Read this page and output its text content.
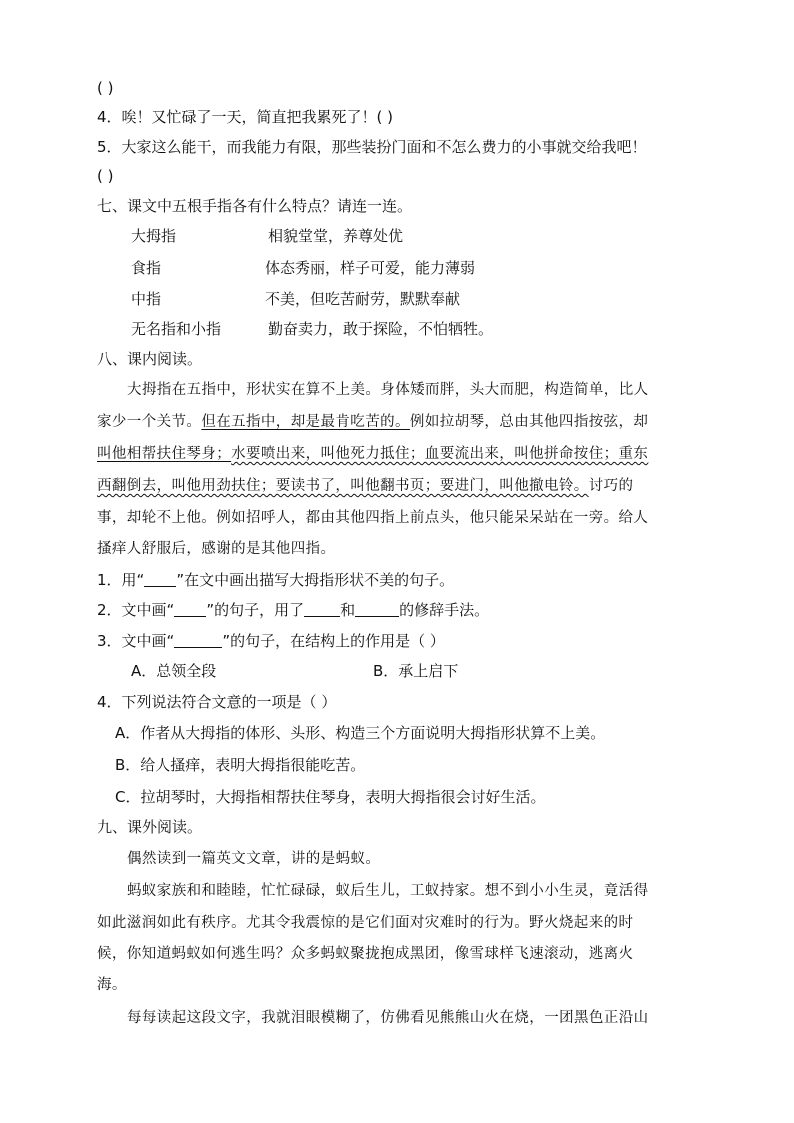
( )
4．唉！又忙碌了一天，简直把我累死了！( )
5．大家这么能干，而我能力有限，那些装扮门面和不怎么费力的小事就交给我吧！
( )
七、课文中五根手指各有什么特点？请连一连。
大拇指	相貌堂堂，养尊处优
食指	体态秀丽，样子可爱，能力薄弱
中指	不美，但吃苦耐劳，默默奉献
无名指和小指	勤奋卖力，敢于探险，不怕牺牲。
八、课内阅读。
大拇指在五指中，形状实在算不上美。身体矮而胖，头大而肥，构造简单，比人
家少一个关节。但在五指中，却是最肯吃苦的。例如拉胡琴，总由其他四指按弦，却
叫他相帮扶住琴身；水要喷出来，叫他死力抵住；血要流出来，叫他拼命按住；重东
西翻倒去，叫他用劲扶住；要读书了，叫他翻书页；要进门，叫他撤电铃。讨巧的
事，却轮不上他。例如招呼人，都由其他四指上前点头，他只能呆呆站在一旁。给人
搔痒人舒服后，感谢的是其他四指。
1．用“ ”在文中画出描写大拇指形状不美的句子。
2．文中画“ ”的句子，用了 和	的修辞手法。
3．文中画“	”的句子，在结构上的作用是（ ）
A．总领全段	B．承上启下
4．下列说法符合文意的一项是（ ）
A．作者从大拇指的体形、头形、构造三个方面说明大拇指形状算不上美。
B．给人搔痒，表明大拇指很能吃苦。
C．拉胡琴时，大拇指相帮扶住琴身，表明大拇指很会讨好生活。
九、课外阅读。
偶然读到一篇英文文章，讲的是蚂蚁。
蚂蚁家族和和睦睦，忙忙碌碌，蚁后生儿，工蚁持家。想不到小小生灵，竟活得
如此滋润如此有秩序。尤其令我震惊的是它们面对灾难时的行为。野火烧起来的时
候，你知道蚂蚁如何逃生吗？众多蚂蚁聚拢抱成黑团，像雪球样飞速滚动，逃离火
海。
每每读起这段文字，我就泪眼模糊了，仿佛看见熊熊山火在烧，一团黑色正沿山
